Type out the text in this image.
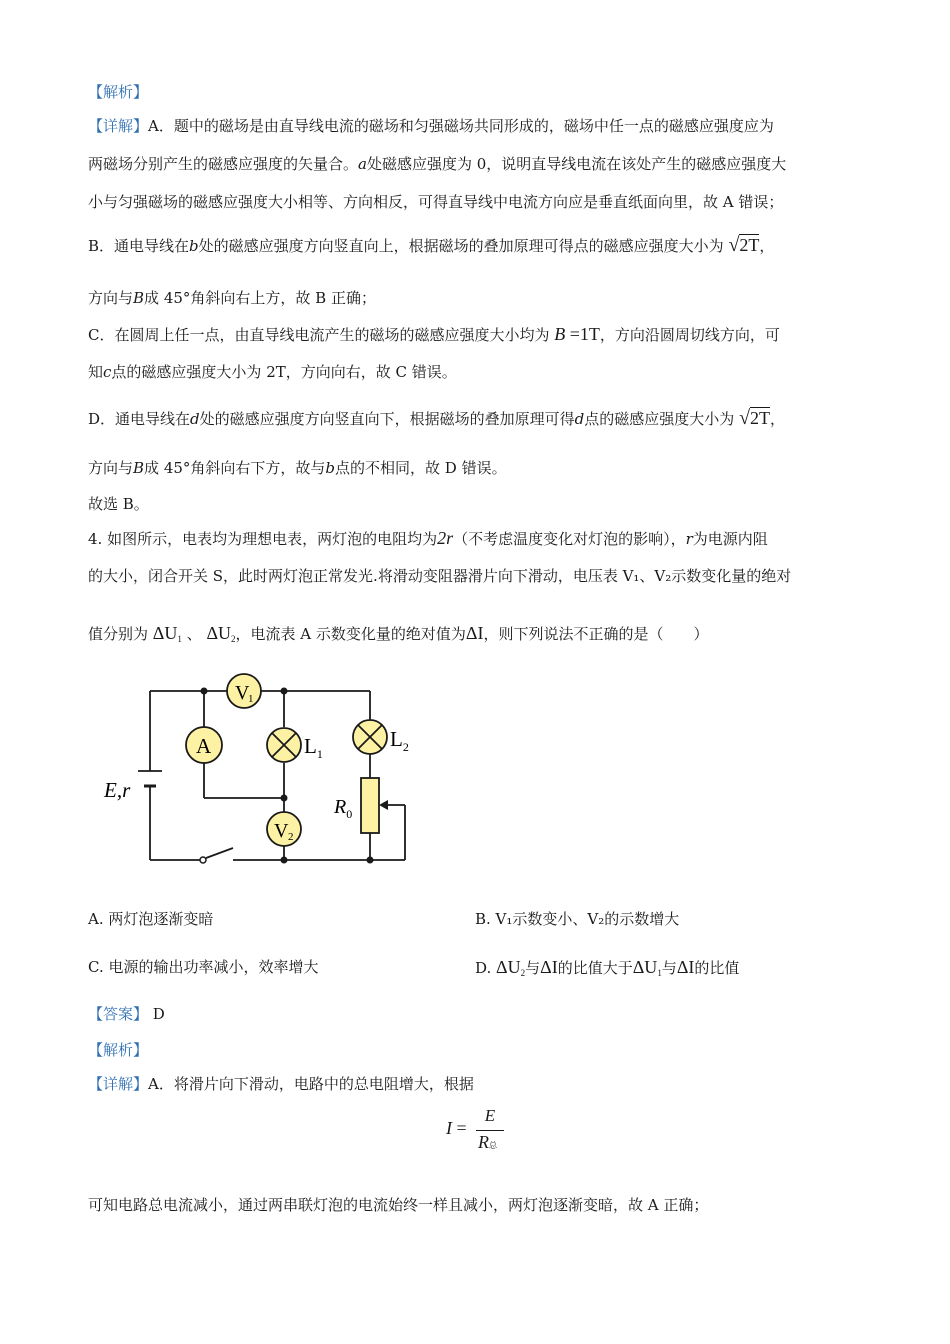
【解析】
【详解】A．题中的磁场是由直导线电流的磁场和匀强磁场共同形成的，磁场中任一点的磁感应强度应为
两磁场分别产生的磁感应强度的矢量合。a处磁感应强度为 0，说明直导线电流在该处产生的磁感应强度大
小与匀强磁场的磁感应强度大小相等、方向相反，可得直导线中电流方向应是垂直纸面向里，故 A 错误；
B．通电导线在b处的磁感应强度方向竖直向上，根据磁场的叠加原理可得点的磁感应强度大小为 √2T，
方向与B成 45°角斜向右上方，故 B 正确；
C．在圆周上任一点，由直导线电流产生的磁场的磁感应强度大小均为 B =1T，方向沿圆周切线方向，可
知c点的磁感应强度大小为 2T，方向向右，故 C 错误。
D．通电导线在d处的磁感应强度方向竖直向下，根据磁场的叠加原理可得d点的磁感应强度大小为 √2T，
方向与B成 45°角斜向右下方，故与b点的不相同，故 D 错误。
故选 B。
4. 如图所示，电表均为理想电表，两灯泡的电阻均为2r（不考虑温度变化对灯泡的影响），r为电源内阻
的大小，闭合开关 S，此时两灯泡正常发光.将滑动变阻器滑片向下滑动，电压表 V₁、V₂示数变化量的绝对
值分别为 $\Delta U_1$ 、 $\Delta U_2$，电流表 A 示数变化量的绝对值为ΔI，则下列说法不正确的是（　　）
V
1
A
V 2
$L_1$
$L_2$
$R_0$
E,r
A. 两灯泡逐渐变暗	B. V₁示数变小、V₂的示数增大
C. 电源的输出功率减小，效率增大	D. $\Delta U_2$与ΔI的比值大于$\Delta U_1$与ΔI的比值
【答案】 D
【解析】
【详解】A．将滑片向下滑动，电路中的总电阻增大，根据
I =
E
R总
可知电路总电流减小，通过两串联灯泡的电流始终一样且减小，两灯泡逐渐变暗，故 A 正确；
